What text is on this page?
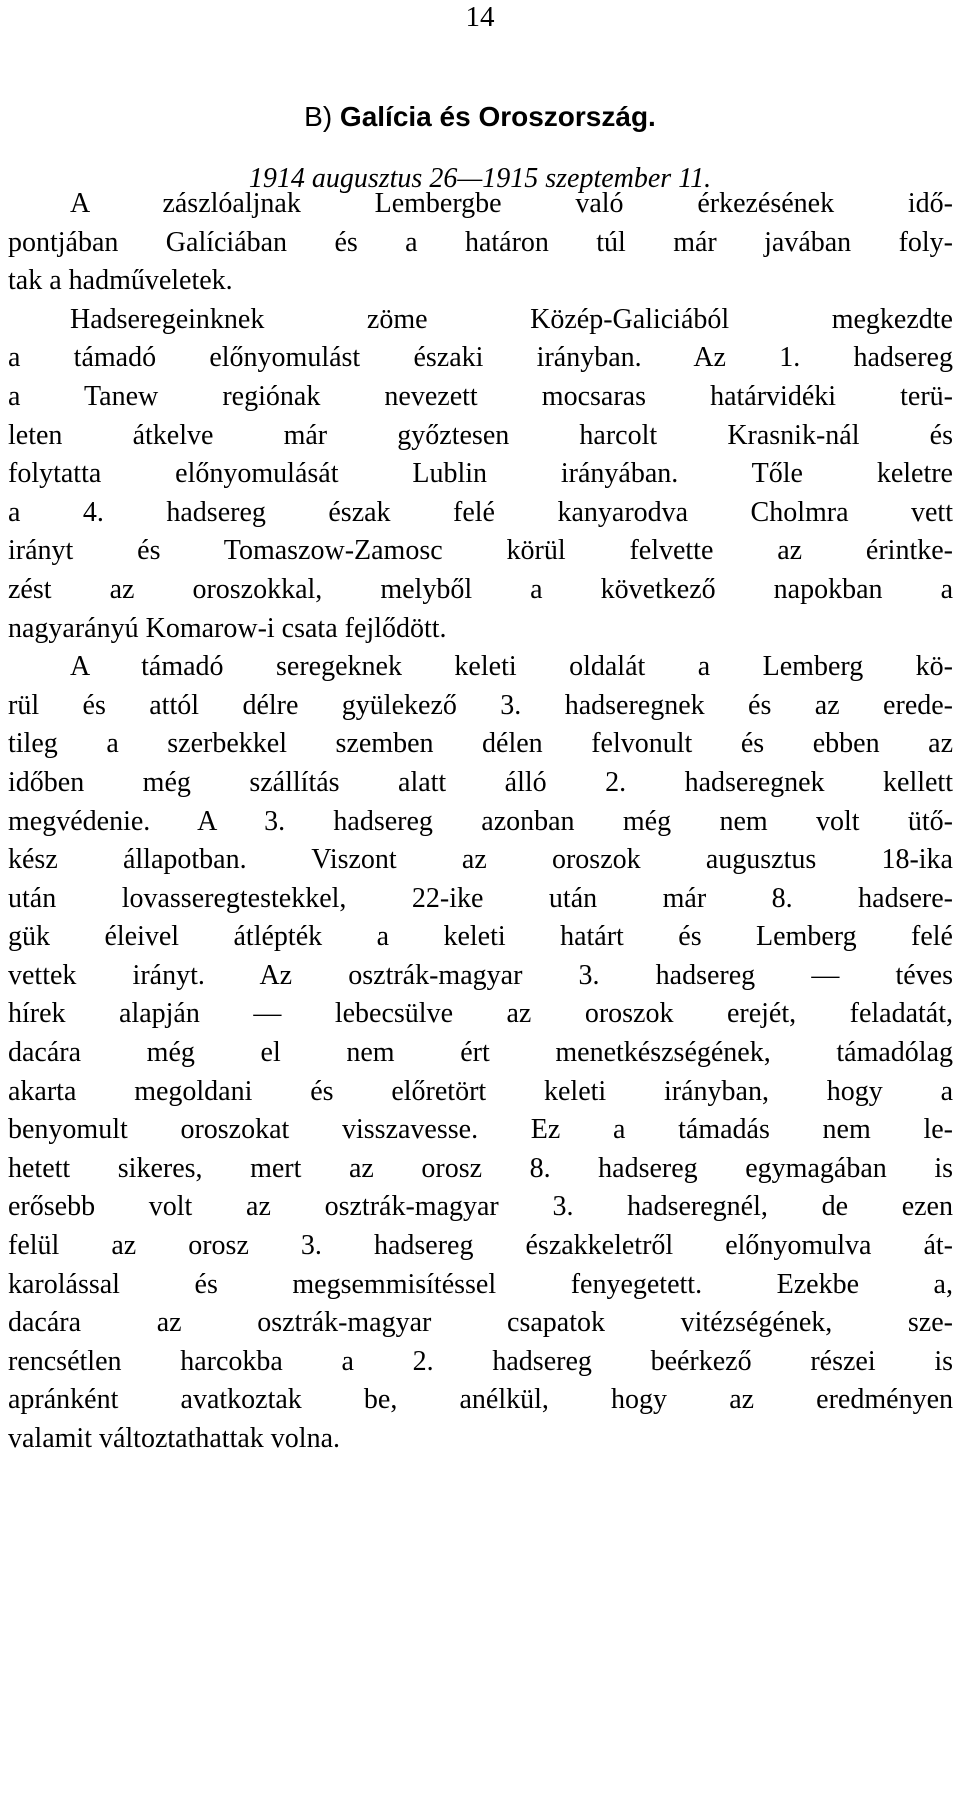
14
B) Galícia és Oroszország.
1914 augusztus 26—1915 szeptember 11.
A zászlóaljnak Lembergbe való érkezésének idő-
pontjában Galíciában és a határon túl már javában foly-
tak a hadműveletek.
Hadseregeinknek zöme Közép-Galiciából megkezdte
a támadó előnyomulást északi irányban. Az 1. hadsereg
a Tanew regiónak nevezett mocsaras határvidéki terü-
leten átkelve már győztesen harcolt Krasnik-nál és
folytatta előnyomulását Lublin irányában. Tőle keletre
a 4. hadsereg észak felé kanyarodva Cholmra vett
irányt és Tomaszow-Zamosc körül felvette az érintke-
zést az oroszokkal, melyből a következő napokban a
nagyarányú Komarow-i csata fejlődött.
A támadó seregeknek keleti oldalát a Lemberg kö-
rül és attól délre gyülekező 3. hadseregnek és az erede-
tileg a szerbekkel szemben délen felvonult és ebben az
időben még szállítás alatt álló 2. hadseregnek kellett
megvédenie. A 3. hadsereg azonban még nem volt ütő-
kész állapotban. Viszont az oroszok augusztus 18-ika
után lovasseregtestekkel, 22-ike után már 8. hadsere-
gük éleivel átlépték a keleti határt és Lemberg felé
vettek irányt. Az osztrák-magyar 3. hadsereg — téves
hírek alapján — lebecsülve az oroszok erejét, feladatát,
dacára még el nem ért menetkészségének, támadólag
akarta megoldani és előretört keleti irányban, hogy a
benyomult oroszokat visszavesse. Ez a támadás nem le-
hetett sikeres, mert az orosz 8. hadsereg egymagában is
erősebb volt az osztrák-magyar 3. hadseregnél, de ezen
felül az orosz 3. hadsereg északkeletről előnyomulva át-
karolással és megsemmisítéssel fenyegetett. Ezekbe a,
dacára az osztrák-magyar csapatok vitézségének, sze-
rencsétlen harcokba a 2. hadsereg beérkező részei is
apránként avatkoztak be, anélkül, hogy az eredményen
valamit változtathattak volna.
